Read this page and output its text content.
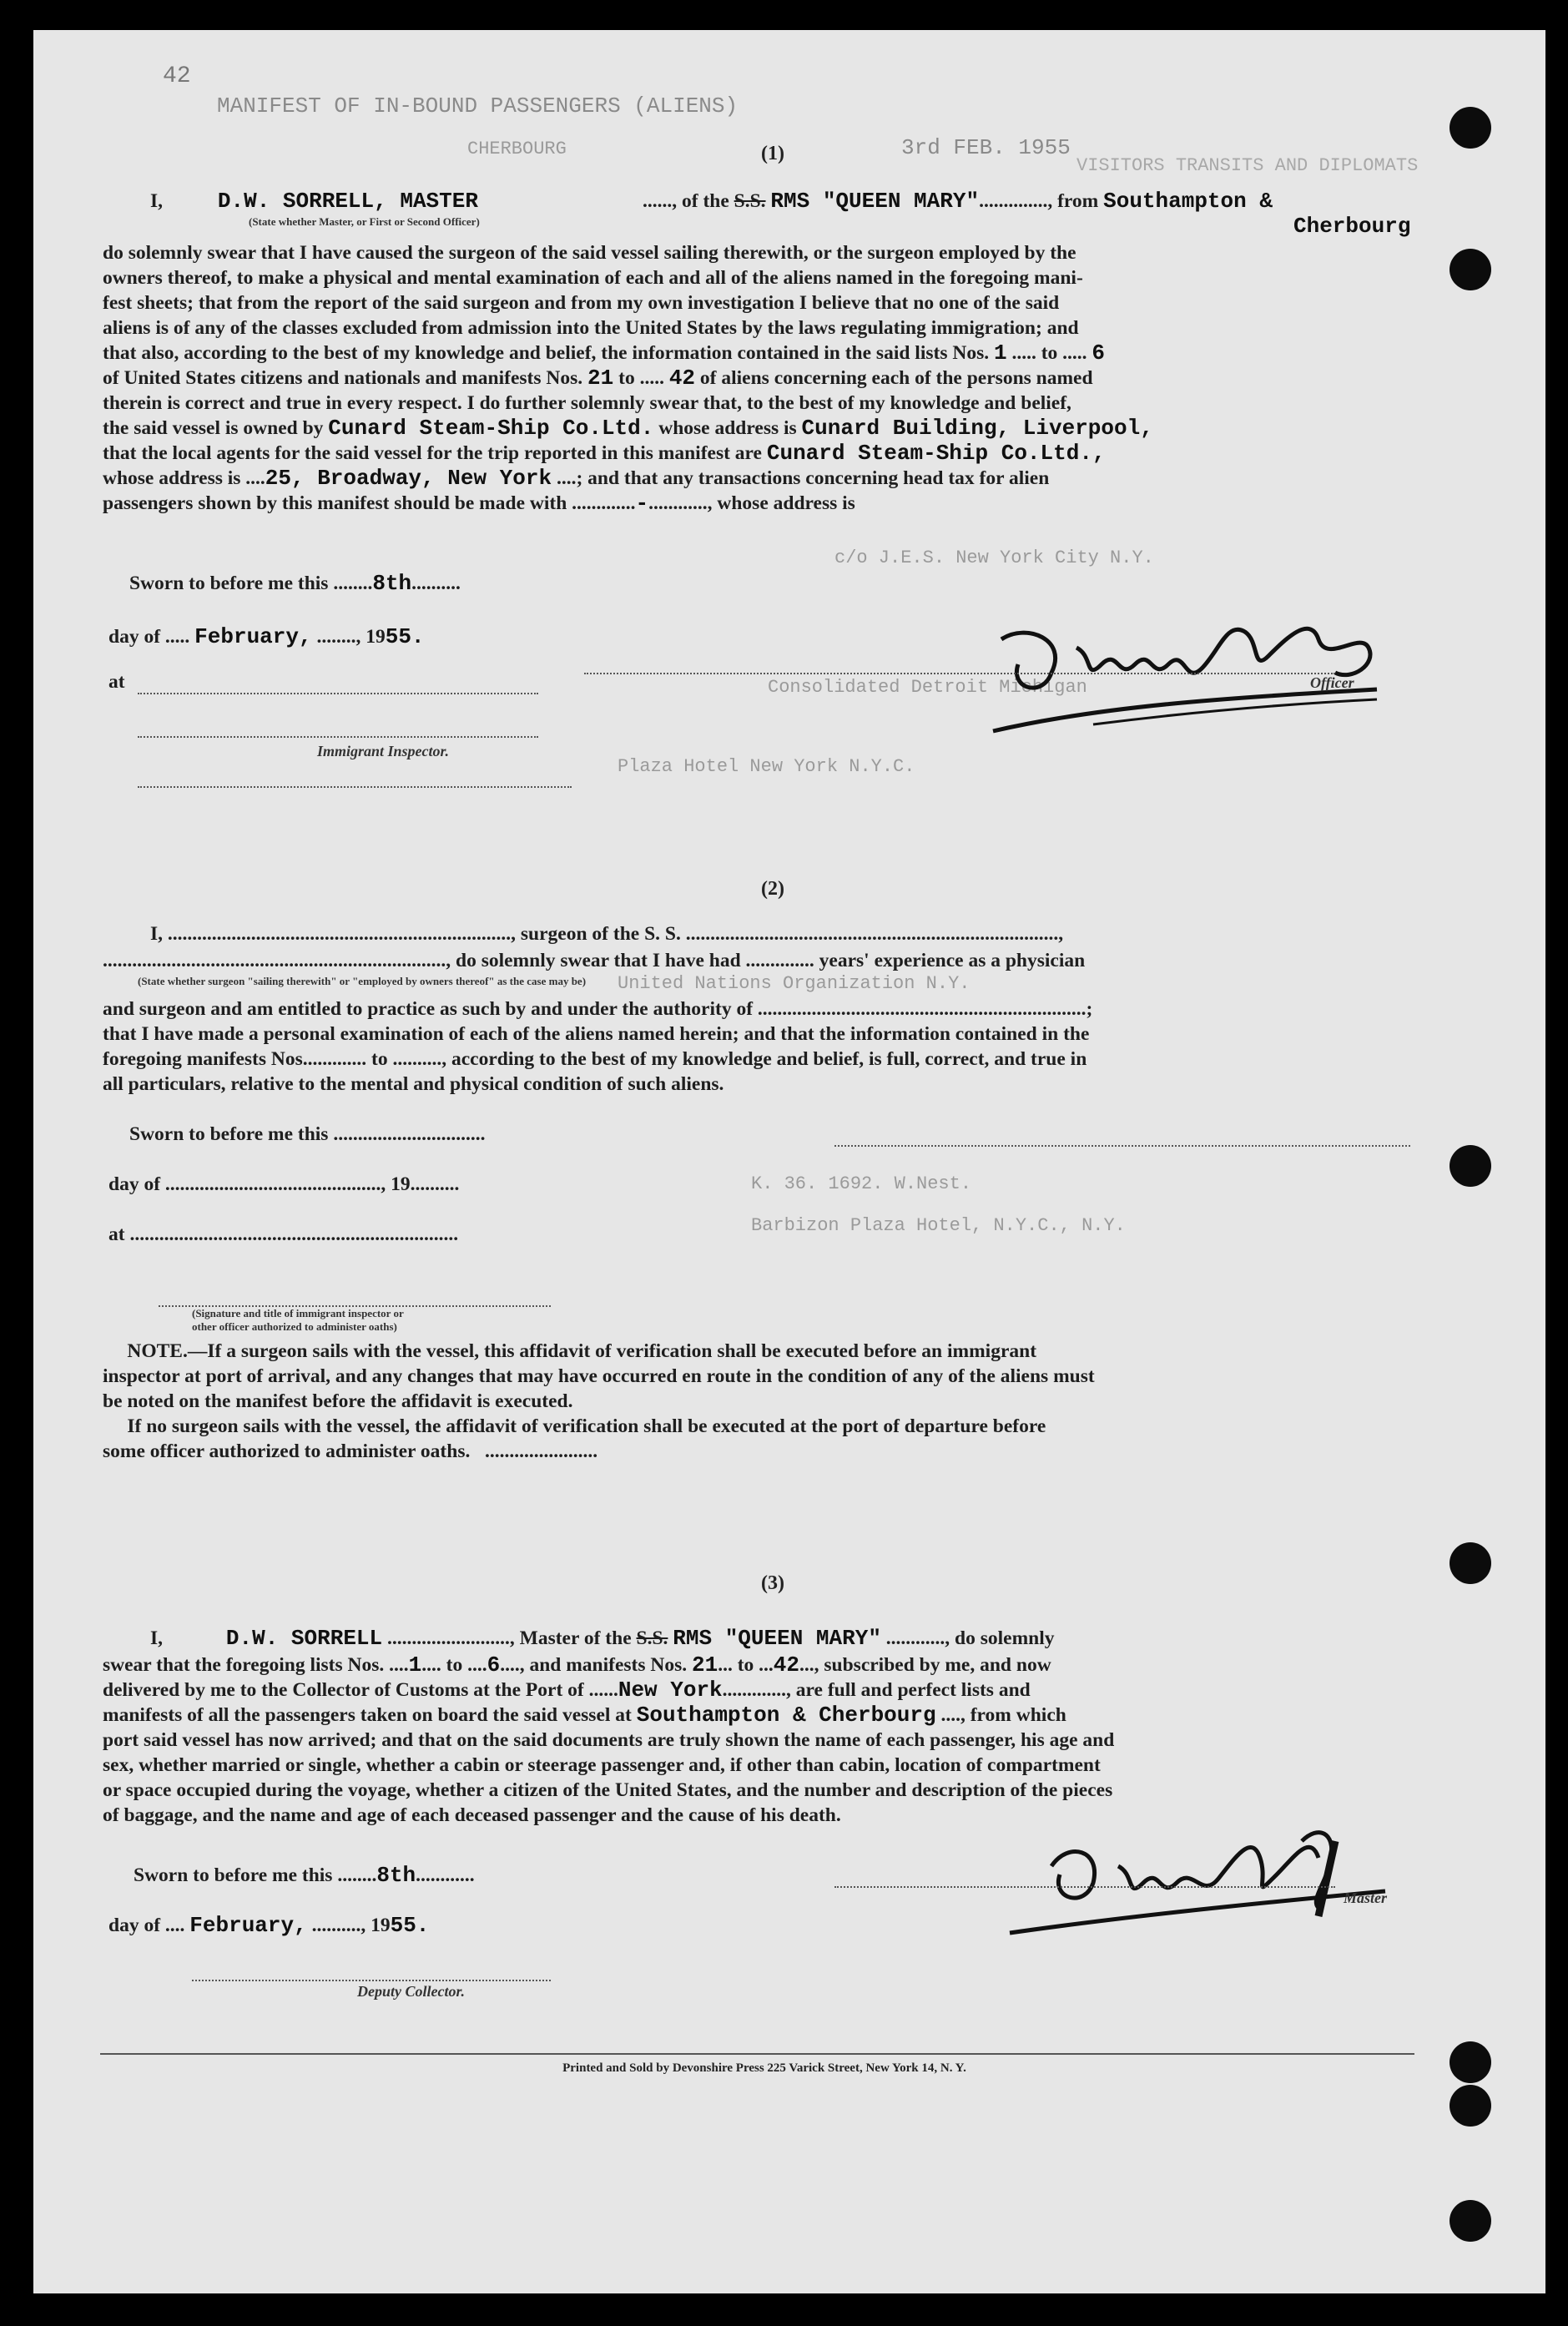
42
MANIFEST OF IN-BOUND PASSENGERS (ALIENS)
3rd FEB. 1955
CHERBOURG
VISITORS TRANSITS AND DIPLOMATS
(1)
I, D.W. SORRELL, MASTER
(State whether Master, or First or Second Officer)
......, of the S.S. RMS "QUEEN MARY".............., from Southampton &
Cherbourg
do solemnly swear that I have caused the surgeon of the said vessel sailing therewith, or the surgeon employed by the
owners thereof, to make a physical and mental examination of each and all of the aliens named in the foregoing mani-
fest sheets; that from the report of the said surgeon and from my own investigation I believe that no one of the said
aliens is of any of the classes excluded from admission into the United States by the laws regulating immigration; and
that also, according to the best of my knowledge and belief, the information contained in the said lists Nos. 1 ..... to ..... 6
of United States citizens and nationals and manifests Nos. 21 to ..... 42 of aliens concerning each of the persons named
therein is correct and true in every respect. I do further solemnly swear that, to the best of my knowledge and belief,
the said vessel is owned by Cunard Steam-Ship Co.Ltd. whose address is Cunard Building, Liverpool,
that the local agents for the said vessel for the trip reported in this manifest are Cunard Steam-Ship Co.Ltd.,
whose address is ....25, Broadway, New York ....; and that any transactions concerning head tax for alien
passengers shown by this manifest should be made with .............-............, whose address is
c/o J.E.S. New York City N.Y.
Consolidated Detroit Michigan
Plaza Hotel New York N.Y.C.
United Nations Organization N.Y.
K. 36. 1692. W.Nest.
Barbizon Plaza Hotel, N.Y.C., N.Y.
Sworn to before me this ........8th..........
day of ..... February, ........, 1955.
at
Immigrant Inspector.
Officer
(2)
I, ......................................................................, surgeon of the S. S. ............................................................................,
......................................................................, do solemnly swear that I have had .............. years' experience as a physician
(State whether surgeon "sailing therewith" or "employed by owners thereof" as the case may be)
and surgeon and am entitled to practice as such by and under the authority of ...................................................................;
that I have made a personal examination of each of the aliens named herein; and that the information contained in the
foregoing manifests Nos............. to .........., according to the best of my knowledge and belief, is full, correct, and true in
all particulars, relative to the mental and physical condition of such aliens.
Sworn to before me this ...............................
day of ............................................, 19..........
at ...................................................................
(Signature and title of immigrant inspector or
other officer authorized to administer oaths)
NOTE.—If a surgeon sails with the vessel, this affidavit of verification shall be executed before an immigrant
inspector at port of arrival, and any changes that may have occurred en route in the condition of any of the aliens must
be noted on the manifest before the affidavit is executed.
If no surgeon sails with the vessel, the affidavit of verification shall be executed at the port of departure before
some officer authorized to administer oaths.   .......................
(3)
I,	D.W. SORRELL ........................., Master of the S.S. RMS "QUEEN MARY" ............, do solemnly
swear that the foregoing lists Nos. ....1.... to ....6...., and manifests Nos. 21... to ...42..., subscribed by me, and now
delivered by me to the Collector of Customs at the Port of ......New York............., are full and perfect lists and
manifests of all the passengers taken on board the said vessel at Southampton & Cherbourg ...., from which
port said vessel has now arrived; and that on the said documents are truly shown the name of each passenger, his age and
sex, whether married or single, whether a cabin or steerage passenger and, if other than cabin, location of compartment
or space occupied during the voyage, whether a citizen of the United States, and the number and description of the pieces
of baggage, and the name and age of each deceased passenger and the cause of his death.
Sworn to before me this ........8th............
day of .... February, .........., 1955.
Deputy Collector.
Master
Printed and Sold by Devonshire Press 225 Varick Street, New York 14, N. Y.
